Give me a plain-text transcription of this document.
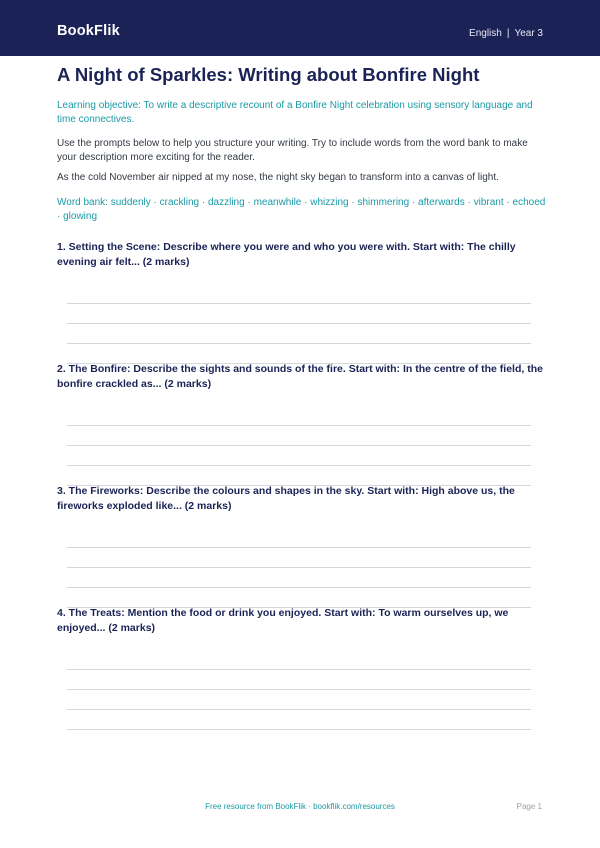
BookFlik	English | Year 3
A Night of Sparkles: Writing about Bonfire Night

Learning objective: To write a descriptive recount of a Bonfire Night celebration using sensory language and time connectives.

Use the prompts below to help you structure your writing. Try to include words from the word bank to make your description more exciting for the reader.

As the cold November air nipped at my nose, the night sky began to transform into a canvas of light.

Word bank: suddenly · crackling · dazzling · meanwhile · whizzing · shimmering · afterwards · vibrant · echoed · glowing

1. Setting the Scene: Describe where you were and who you were with. Start with: The chilly evening air felt... (2 marks)

2. The Bonfire: Describe the sights and sounds of the fire. Start with: In the centre of the field, the bonfire crackled as... (2 marks)

3. The Fireworks: Describe the colours and shapes in the sky. Start with: High above us, the fireworks exploded like... (2 marks)

4. The Treats: Mention the food or drink you enjoyed. Start with: To warm ourselves up, we enjoyed... (2 marks)

Free resource from BookFlik · bookflik.com/resources	Page 1
